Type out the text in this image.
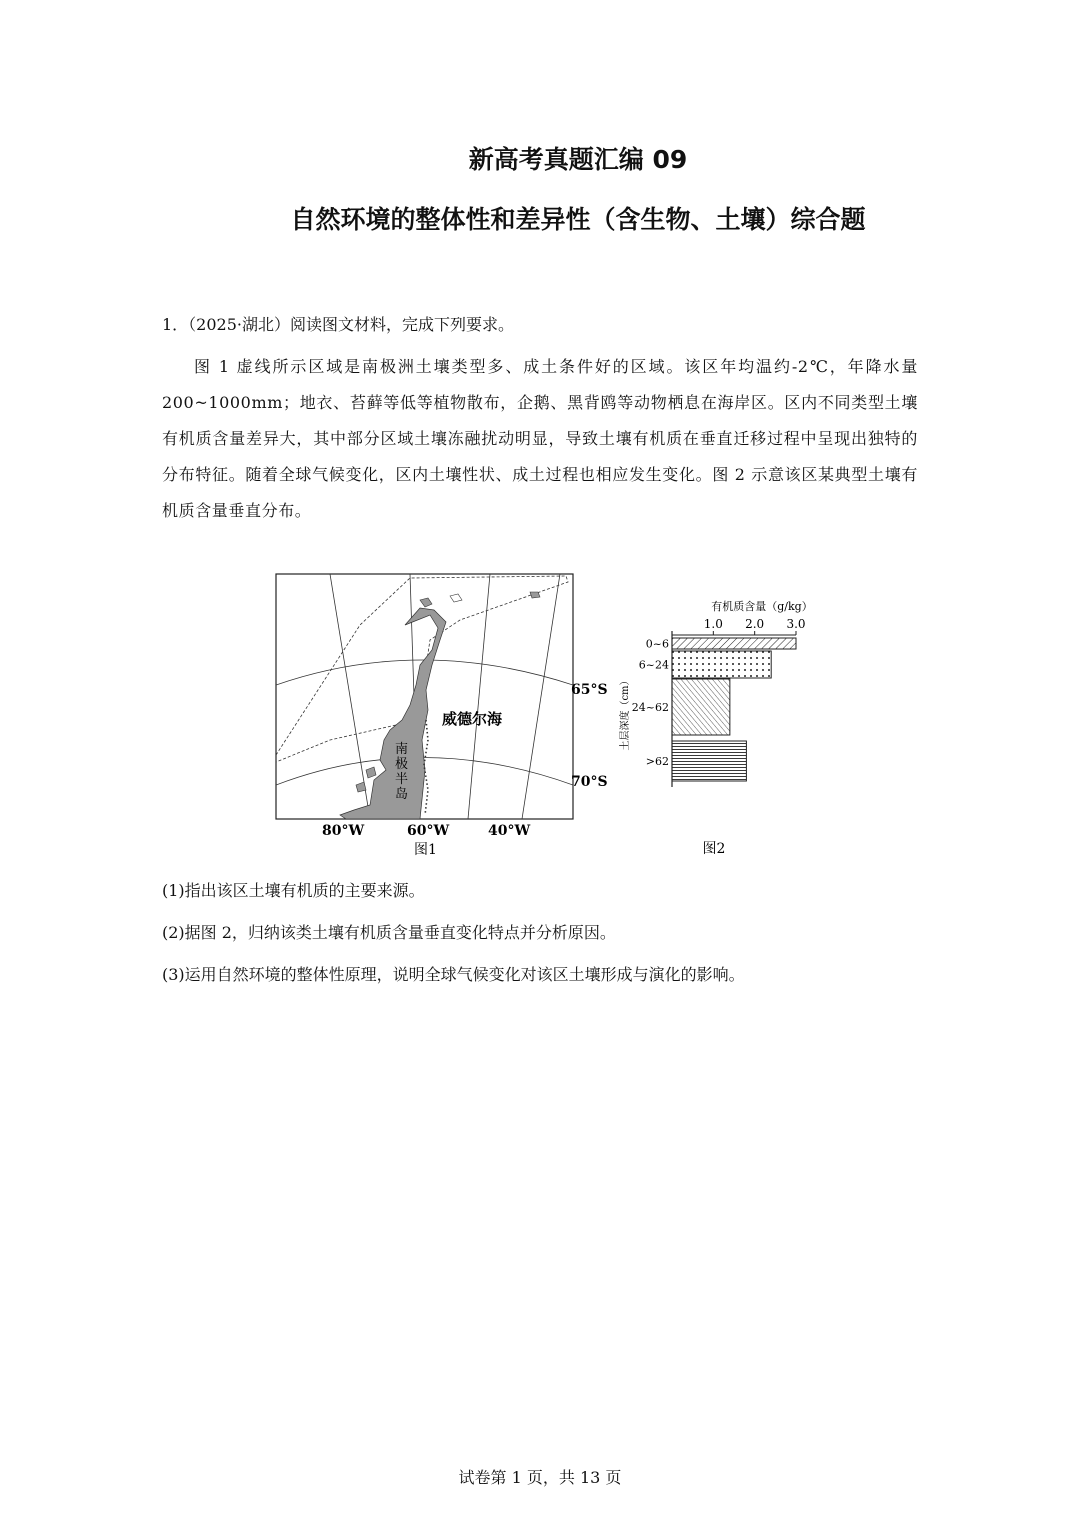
新高考真题汇编 09
自然环境的整体性和差异性（含生物、土壤）综合题
1．（2025·湖北）阅读图文材料，完成下列要求。
图 1 虚线所示区域是南极洲土壤类型多、成土条件好的区域。该区年均温约-2℃，年降水量 200~1000mm；地衣、苔藓等低等植物散布，企鹅、黑背鸥等动物栖息在海岸区。区内不同类型土壤有机质含量差异大，其中部分区域土壤冻融扰动明显，导致土壤有机质在垂直迁移过程中呈现出独特的分布特征。随着全球气候变化，区内土壤性状、成土过程也相应发生变化。图 2 示意该区某典型土壤有机质含量垂直分布。
65°S
70°S
威德尔海
南
极
半
岛
80°W	60°W	40°W
图1
有机质含量（g/kg）
1.0 2.0 3.0
0~6
6~24
24~62
>62
土层深度（cm）
图2
(1)指出该区土壤有机质的主要来源。
(2)据图 2，归纳该类土壤有机质含量垂直变化特点并分析原因。
(3)运用自然环境的整体性原理，说明全球气候变化对该区土壤形成与演化的影响。
试卷第 1 页，共 13 页
